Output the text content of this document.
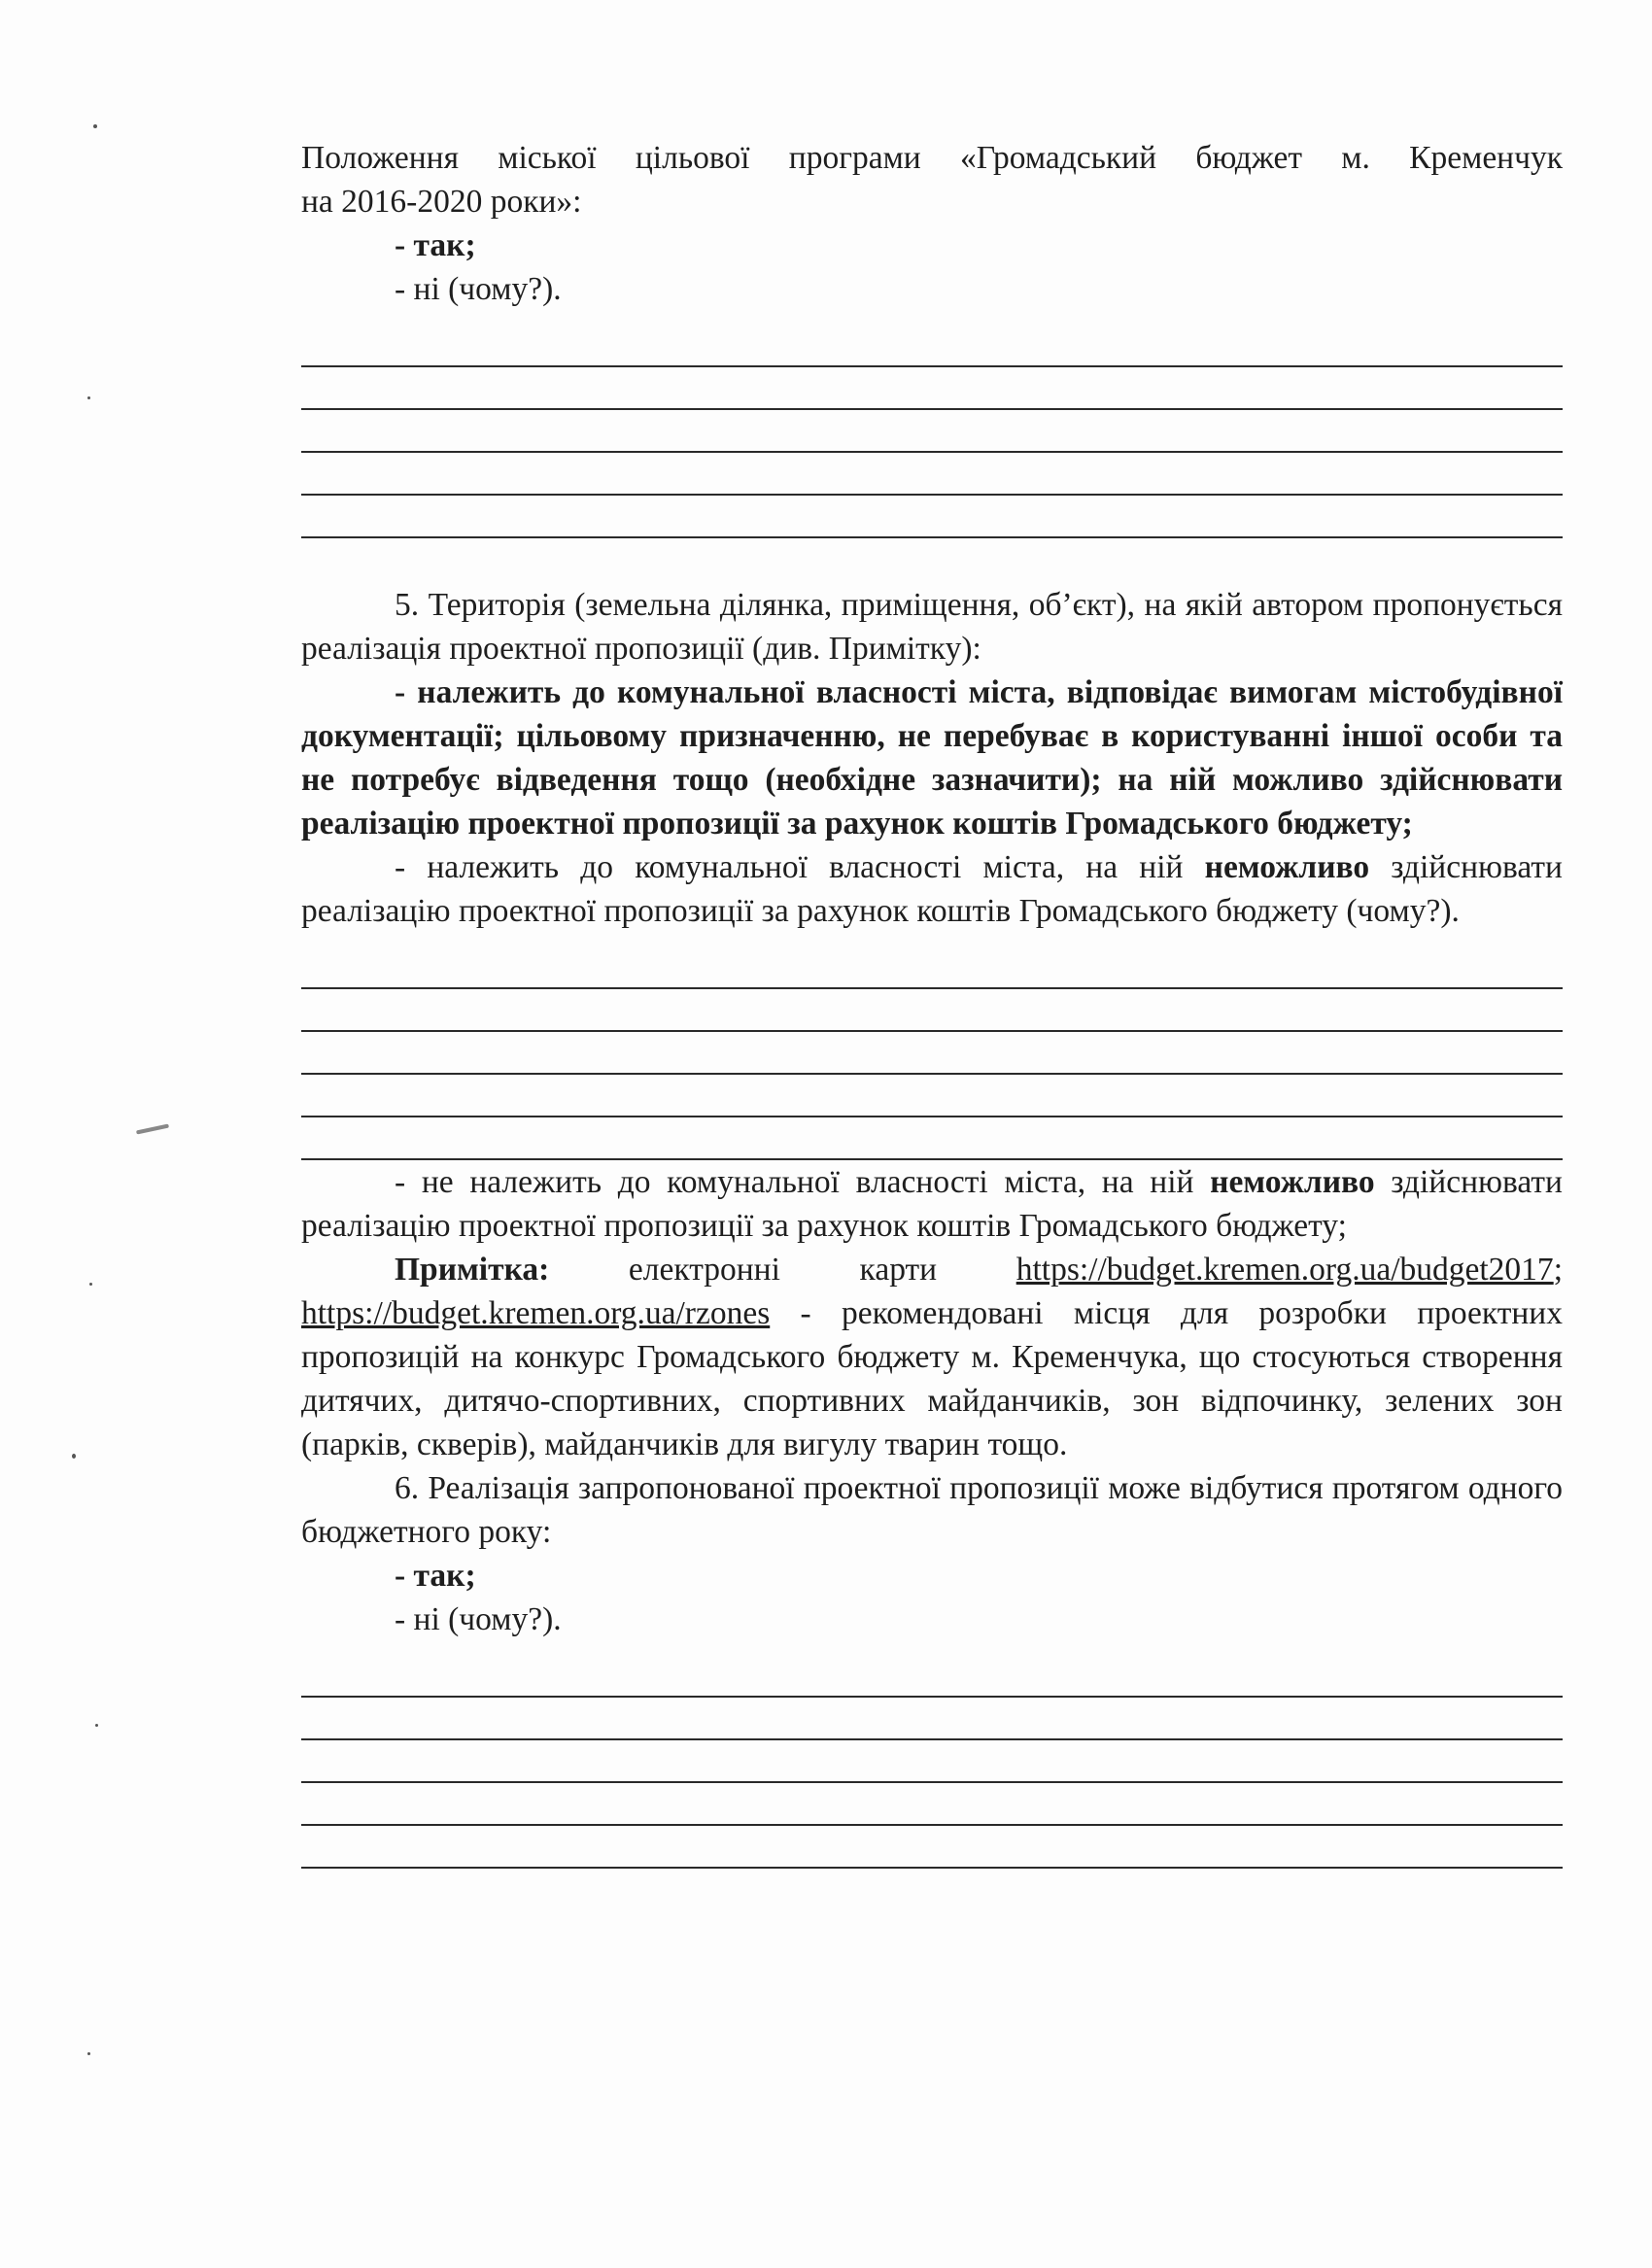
Положення міської цільової програми «Громадський бюджет м. Кременчук

на 2016-2020 роки»:

- так;

- ні (чому?).

5. Територія (земельна ділянка, приміщення, об’єкт), на якій автором пропонується реалізація проектної пропозиції (див. Примітку):

- належить до комунальної власності міста, відповідає вимогам містобудівної документації; цільовому призначенню, не перебуває в користуванні іншої особи та не потребує відведення тощо (необхідне зазначити); на ній можливо здійснювати реалізацію проектної пропозиції за рахунок коштів Громадського бюджету;

- належить до комунальної власності міста, на ній неможливо здійснювати реалізацію проектної пропозиції за рахунок коштів Громадського бюджету (чому?).

- не належить до комунальної власності міста, на ній неможливо здійснювати реалізацію проектної пропозиції за рахунок коштів Громадського бюджету;

Примітка: електронні карти https://budget.kremen.org.ua/budget2017; https://budget.kremen.org.ua/rzones - рекомендовані місця для розробки проектних пропозицій на конкурс Громадського бюджету м. Кременчука, що стосуються створення дитячих, дитячо-спортивних, спортивних майданчиків, зон відпочинку, зелених зон (парків, скверів), майданчиків для вигулу тварин тощо.

6. Реалізація запропонованої проектної пропозиції може відбутися протягом одного бюджетного року:

- так;

- ні (чому?).
